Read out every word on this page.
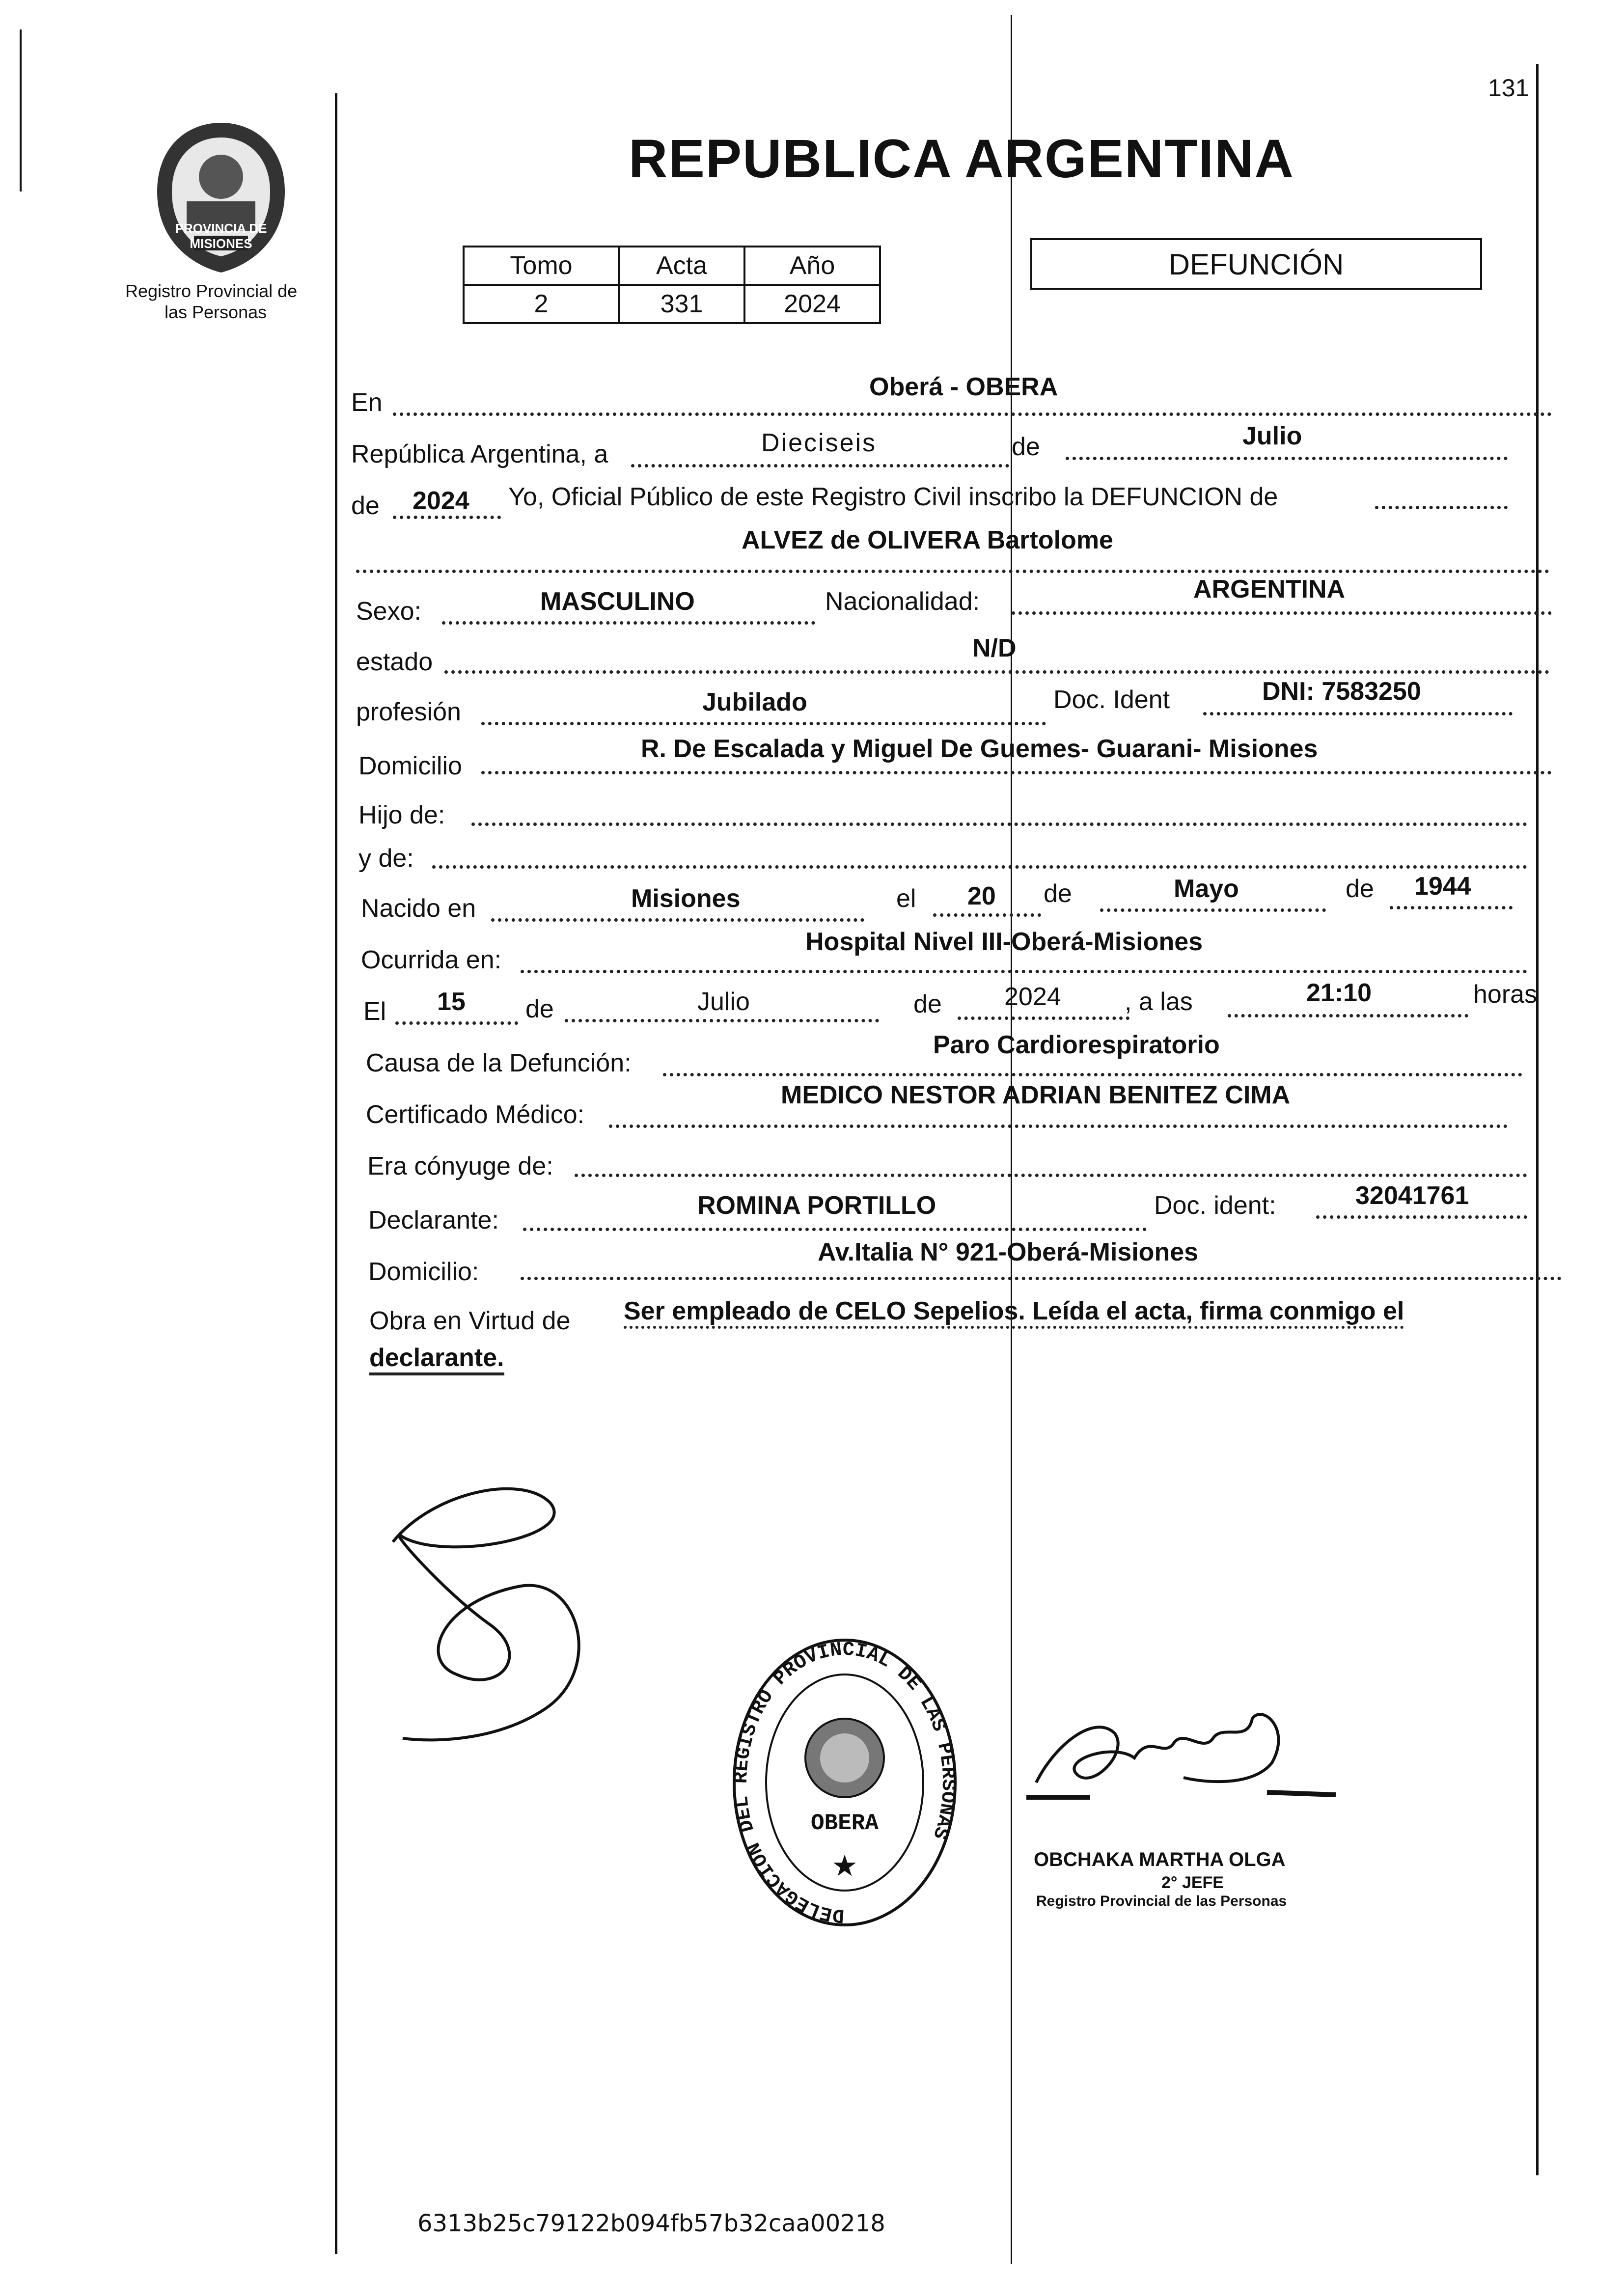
131
PROVINCIA DE MISIONES
Registro Provincial de
las Personas
REPUBLICA ARGENTINA
Tomo	Acta	Año
2	331	2024
DEFUNCIÓN
En
Oberá - OBERA
República Argentina, a	Dieciseis	de	Julio
de 2024 Yo, Oficial Público de este Registro Civil inscribo la DEFUNCION de
ALVEZ de OLIVERA Bartolome
Sexo:	MASCULINO	Nacionalidad:	ARGENTINA
estado	N/D
profesión	Jubilado	Doc. Ident	DNI: 7583250
Domicilio
R. De Escalada y Miguel De Guemes- Guarani- Misiones
Hijo de:
y de:
Nacido en	Misiones	el 20 de	Mayo	de 1944
Ocurrida en:
Hospital Nivel III-Oberá-Misiones
El 15 de	Julio	de 2024 , a las	21:10	horas
Causa de la Defunción:
Paro Cardiorespiratorio
Certificado Médico:
MEDICO NESTOR ADRIAN BENITEZ CIMA
Era cónyuge de:
Declarante:
ROMINA PORTILLO	Doc. ident:	32041761
Domicilio:
Av.Italia N° 921-Oberá-Misiones
Obra en Virtud de Ser empleado de CELO Sepelios. Leída el acta, firma conmigo el
declarante.
DELEGACION DEL REGISTRO PROVINCIAL DE LAS PERSONAS
OBERA
★	OBCHAKA MARTHA OLGA
2° JEFE
Registro Provincial de las Personas
6313b25c79122b094fb57b32caa00218
